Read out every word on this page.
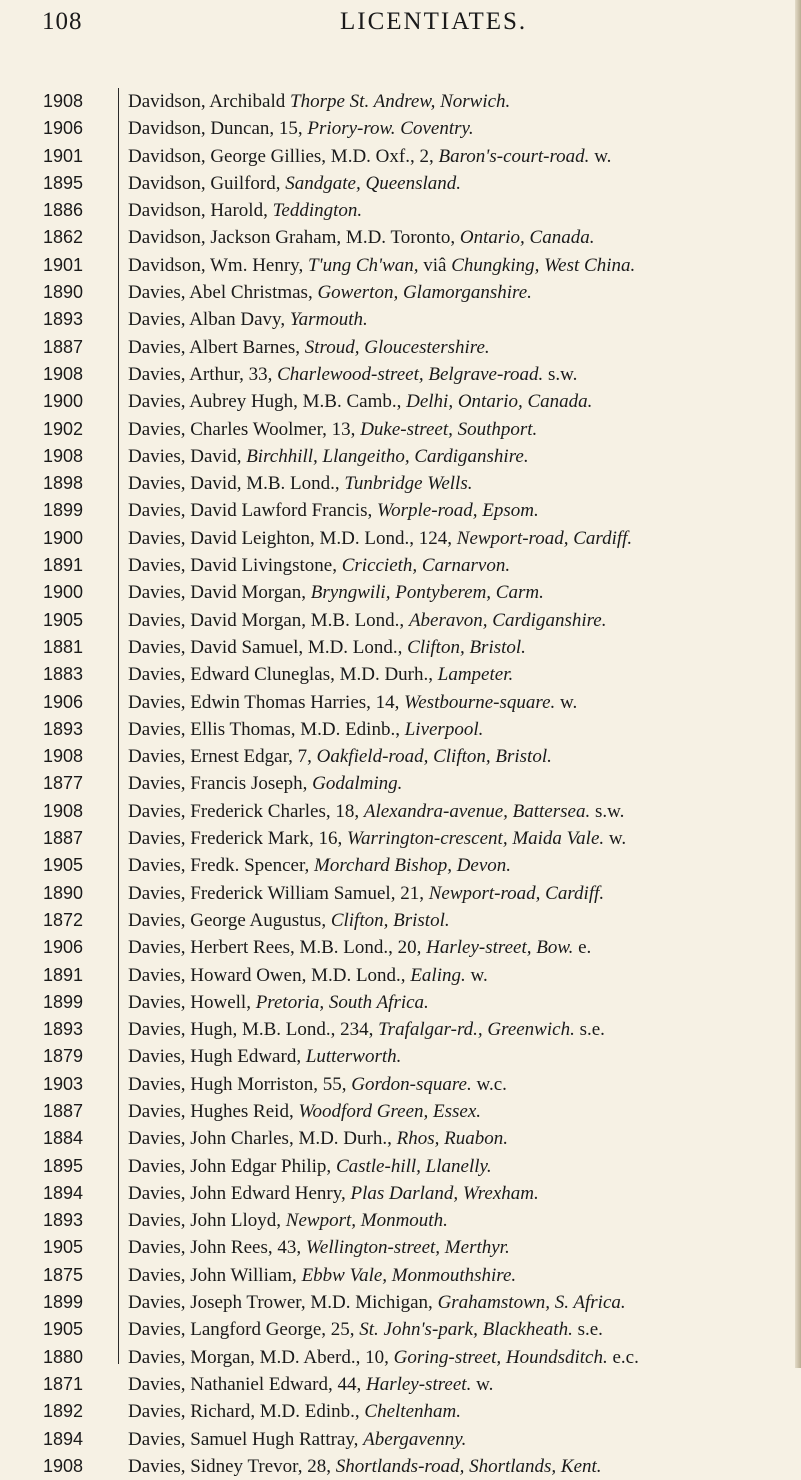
108	LICENTIATES.
1908 Davidson, Archibald Thorpe St. Andrew, Norwich.
1906 Davidson, Duncan, 15, Priory-row. Coventry.
1901 Davidson, George Gillies, M.D. Oxf., 2, Baron's-court-road. w.
1895 Davidson, Guilford, Sandgate, Queensland.
1886 Davidson, Harold, Teddington.
1862 Davidson, Jackson Graham, M.D. Toronto, Ontario, Canada.
1901 Davidson, Wm. Henry, T'ung Ch'wan, viâ Chungking, West China.
1890 Davies, Abel Christmas, Gowerton, Glamorganshire.
1893 Davies, Alban Davy, Yarmouth.
1887 Davies, Albert Barnes, Stroud, Gloucestershire.
1908 Davies, Arthur, 33, Charlewood-street, Belgrave-road. s.w.
1900 Davies, Aubrey Hugh, M.B. Camb., Delhi, Ontario, Canada.
1902 Davies, Charles Woolmer, 13, Duke-street, Southport.
1908 Davies, David, Birchhill, Llangeitho, Cardiganshire.
1898 Davies, David, M.B. Lond., Tunbridge Wells.
1899 Davies, David Lawford Francis, Worple-road, Epsom.
1900 Davies, David Leighton, M.D. Lond., 124, Newport-road, Cardiff.
1891 Davies, David Livingstone, Criccieth, Carnarvon.
1900 Davies, David Morgan, Bryngwili, Pontyberem, Carm.
1905 Davies, David Morgan, M.B. Lond., Aberavon, Cardiganshire.
1881 Davies, David Samuel, M.D. Lond., Clifton, Bristol.
1883 Davies, Edward Cluneglas, M.D. Durh., Lampeter.
1906 Davies, Edwin Thomas Harries, 14, Westbourne-square. w.
1893 Davies, Ellis Thomas, M.D. Edinb., Liverpool.
1908 Davies, Ernest Edgar, 7, Oakfield-road, Clifton, Bristol.
1877 Davies, Francis Joseph, Godalming.
1908 Davies, Frederick Charles, 18, Alexandra-avenue, Battersea. s.w.
1887 Davies, Frederick Mark, 16, Warrington-crescent, Maida Vale. w.
1905 Davies, Fredk. Spencer, Morchard Bishop, Devon.
1890 Davies, Frederick William Samuel, 21, Newport-road, Cardiff.
1872 Davies, George Augustus, Clifton, Bristol.
1906 Davies, Herbert Rees, M.B. Lond., 20, Harley-street, Bow. e.
1891 Davies, Howard Owen, M.D. Lond., Ealing. w.
1899 Davies, Howell, Pretoria, South Africa.
1893 Davies, Hugh, M.B. Lond., 234, Trafalgar-rd., Greenwich. s.e.
1879 Davies, Hugh Edward, Lutterworth.
1903 Davies, Hugh Morriston, 55, Gordon-square. w.c.
1887 Davies, Hughes Reid, Woodford Green, Essex.
1884 Davies, John Charles, M.D. Durh., Rhos, Ruabon.
1895 Davies, John Edgar Philip, Castle-hill, Llanelly.
1894 Davies, John Edward Henry, Plas Darland, Wrexham.
1893 Davies, John Lloyd, Newport, Monmouth.
1905 Davies, John Rees, 43, Wellington-street, Merthyr.
1875 Davies, John William, Ebbw Vale, Monmouthshire.
1899 Davies, Joseph Trower, M.D. Michigan, Grahamstown, S. Africa.
1905 Davies, Langford George, 25, St. John's-park, Blackheath. s.e.
1880 Davies, Morgan, M.D. Aberd., 10, Goring-street, Houndsditch. e.c.
1871 Davies, Nathaniel Edward, 44, Harley-street. w.
1892 Davies, Richard, M.D. Edinb., Cheltenham.
1894 Davies, Samuel Hugh Rattray, Abergavenny.
1908 Davies, Sidney Trevor, 28, Shortlands-road, Shortlands, Kent.
